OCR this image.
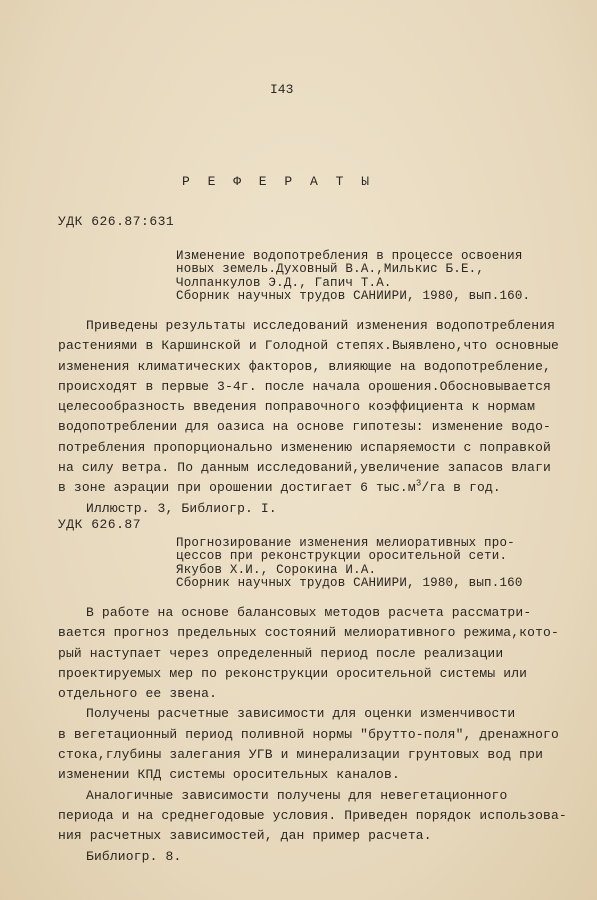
I43
Р Е Ф Е Р А Т Ы
УДК 626.87:631
Изменение водопотребления в процессе освоения
новых земель.Духовный В.А.,Милькис Б.Е.,
Чолпанкулов Э.Д., Гапич Т.А.
Сборник научных трудов САНИИРИ, 1980, вып.160.
Приведены результаты исследований изменения водопотребления
растениями в Каршинской и Голодной степях.Выявлено,что основные
изменения климатических факторов, влияющие на водопотребление,
происходят в первые 3-4г. после начала орошения.Обосновывается
целесообразность введения поправочного коэффициента к нормам
водопотреблении для оазиса на основе гипотезы: изменение водо-
потребления пропорционально изменению испаряемости с поправкой
на силу ветра. По данным исследований,увеличение запасов влаги
в зоне аэрации при орошении достигает 6 $тыс.м^3/га$ в год.
Иллюстр. 3, Библиогр. I.
УДК 626.87
Прогнозирование изменения мелиоративных про-
цессов при реконструкции оросительной сети.
Якубов Х.И., Сорокина И.А.
Сборник научных трудов САНИИРИ, 1980, вып.160
В работе на основе балансовых методов расчета рассматри-
вается прогноз предельных состояний мелиоративного режима,кото-
рый наступает через определенный период после реализации
проектируемых мер по реконструкции оросительной системы или
отдельного ее звена.
Получены расчетные зависимости для оценки изменчивости
в вегетационный период поливной нормы "брутто-поля", дренажного
стока,глубины залегания УГВ и минерализации грунтовых вод при
изменении КПД системы оросительных каналов.
Аналогичные зависимости получены для невегетационного
периода и на среднегодовые условия. Приведен порядок использова-
ния расчетных зависимостей, дан пример расчета.
Библиогр. 8.
